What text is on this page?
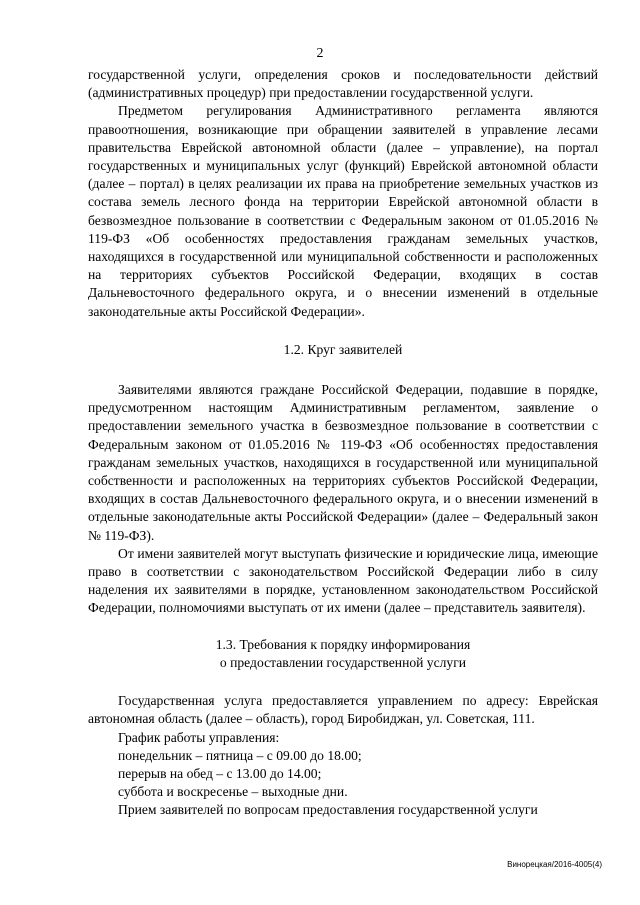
2

государственной услуги, определения сроков и последовательности действий (административных процедур) при предоставлении государственной услуги.

Предметом регулирования Административного регламента являются правоотношения, возникающие при обращении заявителей в управление лесами правительства Еврейской автономной области (далее – управление), на портал государственных и муниципальных услуг (функций) Еврейской автономной области (далее – портал) в целях реализации их права на приобретение земельных участков из состава земель лесного фонда на территории Еврейской автономной области в безвозмездное пользование в соответствии с Федеральным законом от 01.05.2016 № 119-ФЗ «Об особенностях предоставления гражданам земельных участков, находящихся в государственной или муниципальной собственности и расположенных на территориях субъектов Российской Федерации, входящих в состав Дальневосточного федерального округа, и о внесении изменений в отдельные законодательные акты Российской Федерации».

1.2. Круг заявителей

Заявителями являются граждане Российской Федерации, подавшие в порядке, предусмотренном настоящим Административным регламентом, заявление о предоставлении земельного участка в безвозмездное пользование в соответствии с Федеральным законом от 01.05.2016 № 119-ФЗ «Об особенностях предоставления гражданам земельных участков, находящихся в государственной или муниципальной собственности и расположенных на территориях субъектов Российской Федерации, входящих в состав Дальневосточного федерального округа, и о внесении изменений в отдельные законодательные акты Российской Федерации» (далее – Федеральный закон № 119-ФЗ).

От имени заявителей могут выступать физические и юридические лица, имеющие право в соответствии с законодательством Российской Федерации либо в силу наделения их заявителями в порядке, установленном законодательством Российской Федерации, полномочиями выступать от их имени (далее – представитель заявителя).

1.3. Требования к порядку информирования

о предоставлении государственной услуги

Государственная услуга предоставляется управлением по адресу: Еврейская автономная область (далее – область), город Биробиджан, ул. Советская, 111.

График работы управления:
понедельник – пятница – с 09.00 до 18.00;
перерыв на обед – с 13.00 до 14.00;
суббота и воскресенье – выходные дни.

Прием заявителей по вопросам предоставления государственной услуги

Винорецкая/2016-4005(4)
